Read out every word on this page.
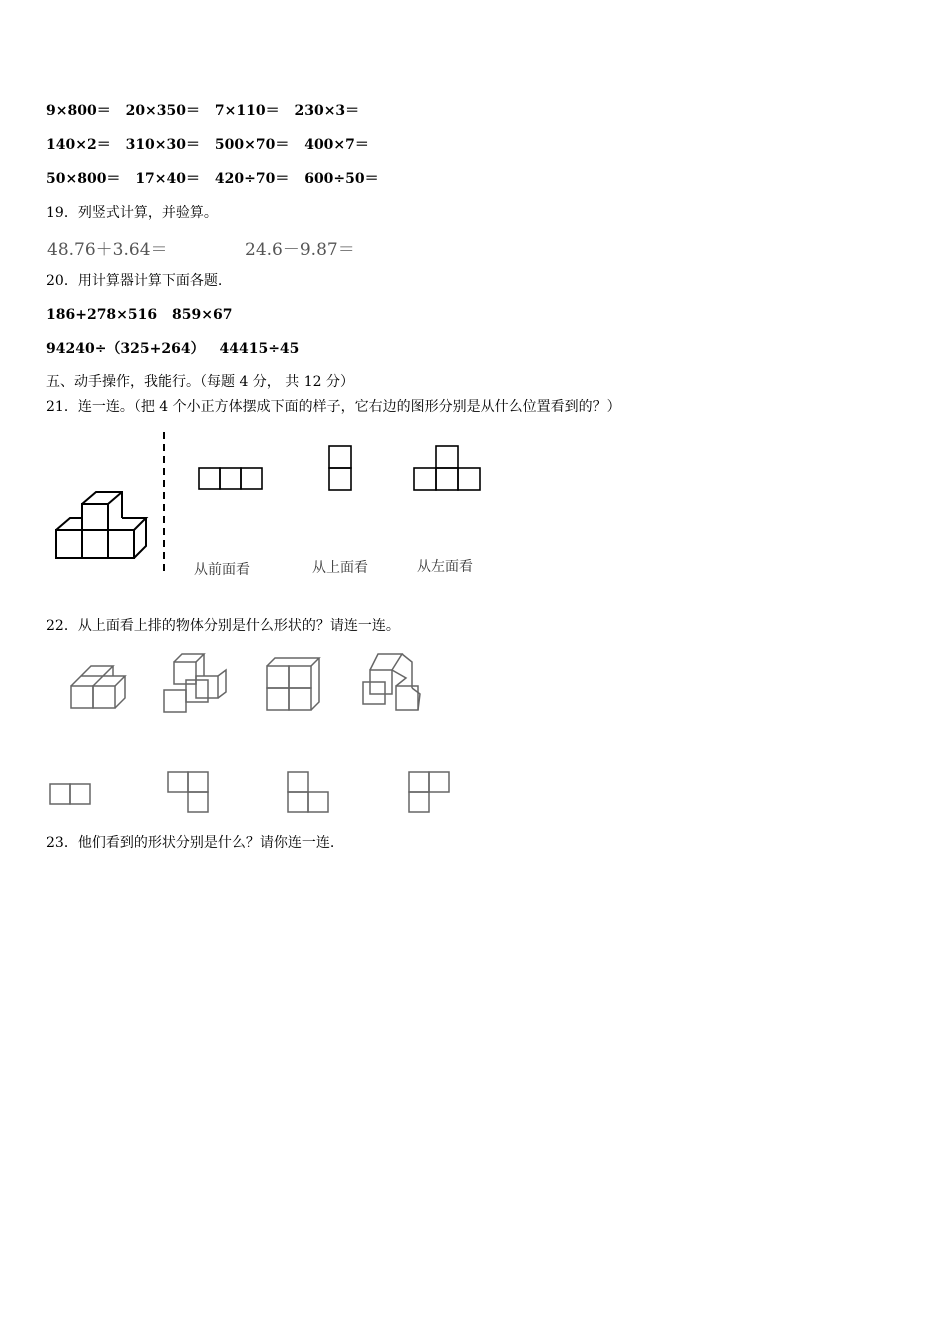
9×800＝ 20×350＝ 7×110＝ 230×3＝
140×2＝ 310×30＝ 500×70＝ 400×7＝
50×800＝ 17×40＝ 420÷70＝ 600÷50＝
19．列竖式计算，并验算。
48.76＋3.64＝	24.6－9.87＝
20．用计算器计算下面各题.
186+278×516 859×67
94240÷（325+264） 44415÷45
五、动手操作，我能行。（每题 4 分， 共 12 分）
21．连一连。（把 4 个小正方体摆成下面的样子，它右边的图形分别是从什么位置看到的？）
从前面看	从上面看	从左面看
22．从上面看上排的物体分别是什么形状的？请连一连。
23．他们看到的形状分别是什么？请你连一连.
